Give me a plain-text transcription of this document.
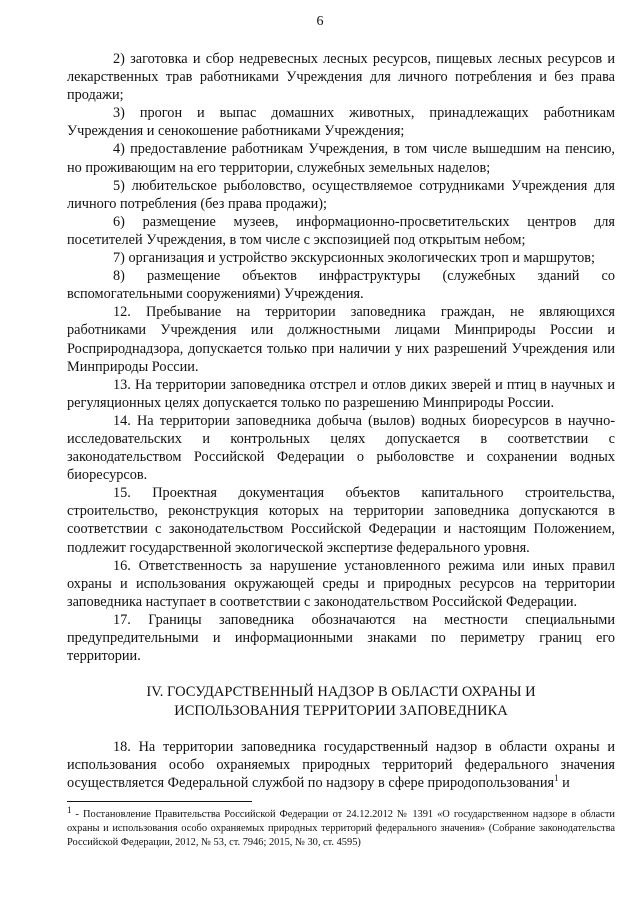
6

2) заготовка и сбор недревесных лесных ресурсов, пищевых лесных ресурсов и лекарственных трав работниками Учреждения для личного потребления и без права продажи;

3) прогон и выпас домашних животных, принадлежащих работникам Учреждения и сенокошение работниками Учреждения;

4) предоставление работникам Учреждения, в том числе вышедшим на пенсию, но проживающим на его территории, служебных земельных наделов;

5) любительское рыболовство, осуществляемое сотрудниками Учреждения для личного потребления (без права продажи);

6) размещение музеев, информационно-просветительских центров для посетителей Учреждения, в том числе с экспозицией под открытым небом;

7) организация и устройство экскурсионных экологических троп и маршрутов;

8) размещение объектов инфраструктуры (служебных зданий со вспомогательными сооружениями) Учреждения.

12. Пребывание на территории заповедника граждан, не являющихся работниками Учреждения или должностными лицами Минприроды России и Росприроднадзора, допускается только при наличии у них разрешений Учреждения или Минприроды России.

13. На территории заповедника отстрел и отлов диких зверей и птиц в научных и регуляционных целях допускается только по разрешению Минприроды России.

14. На территории заповедника добыча (вылов) водных биоресурсов в научно-исследовательских и контрольных целях допускается в соответствии с законодательством Российской Федерации о рыболовстве и сохранении водных биоресурсов.

15. Проектная документация объектов капитального строительства, строительство, реконструкция которых на территории заповедника допускаются в соответствии с законодательством Российской Федерации и настоящим Положением, подлежит государственной экологической экспертизе федерального уровня.

16. Ответственность за нарушение установленного режима или иных правил охраны и использования окружающей среды и природных ресурсов на территории заповедника наступает в соответствии с законодательством Российской Федерации.

17. Границы заповедника обозначаются на местности специальными предупредительными и информационными знаками по периметру границ его территории.

IV. ГОСУДАРСТВЕННЫЙ НАДЗОР В ОБЛАСТИ ОХРАНЫ И
ИСПОЛЬЗОВАНИЯ ТЕРРИТОРИИ ЗАПОВЕДНИКА

18. На территории заповедника государственный надзор в области охраны и использования особо охраняемых природных территорий федерального значения осуществляется Федеральной службой по надзору в сфере природопользования$^1$ и

$^1$ - Постановление Правительства Российской Федерации от 24.12.2012 № 1391 «О государственном надзоре в области охраны и использования особо охраняемых природных территорий федерального значения» (Собрание законодательства Российской Федерации, 2012, № 53, ст. 7946; 2015, № 30, ст. 4595)
